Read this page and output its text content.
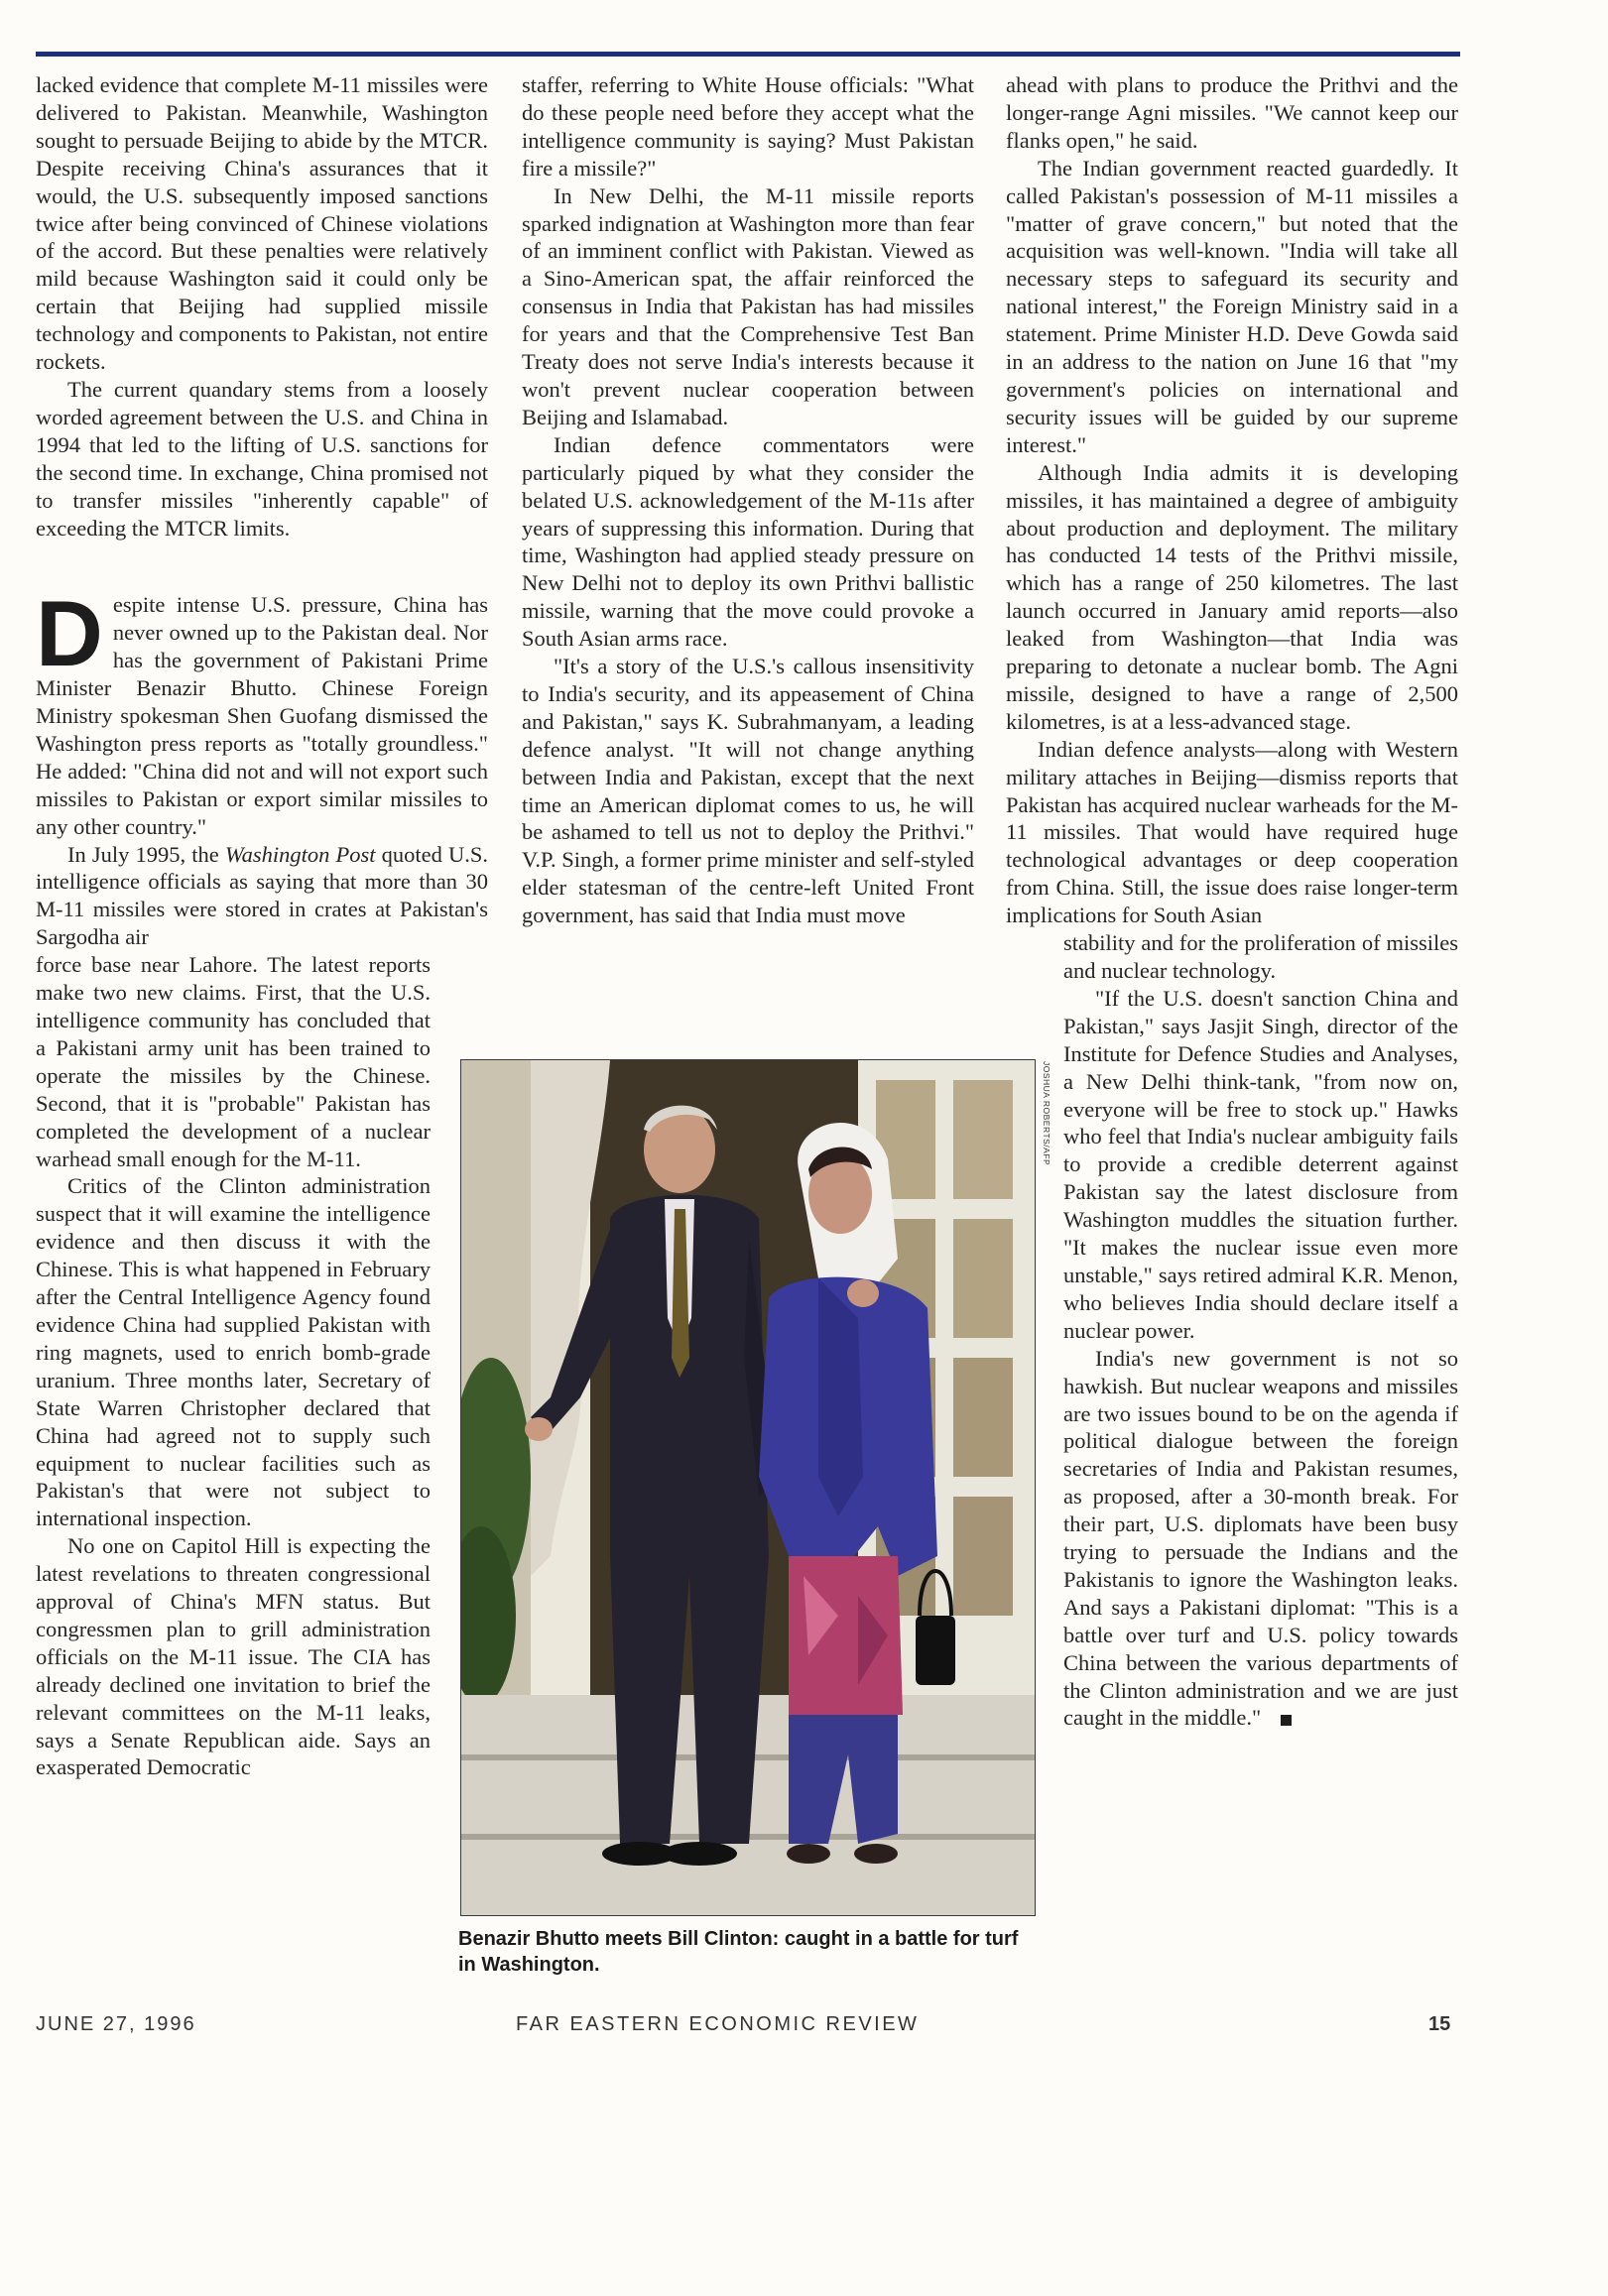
lacked evidence that complete M-11 missiles were delivered to Pakistan. Meanwhile, Washington sought to persuade Beijing to abide by the MTCR. Despite receiving China's assurances that it would, the U.S. subsequently imposed sanctions twice after being convinced of Chinese violations of the accord. But these penalties were relatively mild because Washington said it could only be certain that Beijing had supplied missile technology and components to Pakistan, not entire rockets.

The current quandary stems from a loosely worded agreement between the U.S. and China in 1994 that led to the lifting of U.S. sanctions for the second time. In exchange, China promised not to transfer missiles "inherently capable" of exceeding the MTCR limits.

Despite intense U.S. pressure, China has never owned up to the Pakistan deal. Nor has the government of Pakistani Prime Minister Benazir Bhutto. Chinese Foreign Ministry spokesman Shen Guofang dismissed the Washington press reports as "totally groundless." He added: "China did not and will not export such missiles to Pakistan or export similar missiles to any other country."

In July 1995, the Washington Post quoted U.S. intelligence officials as saying that more than 30 M-11 missiles were stored in crates at Pakistan's Sargodha air

force base near Lahore. The latest reports make two new claims. First, that the U.S. intelligence community has concluded that a Pakistani army unit has been trained to operate the missiles by the Chinese. Second, that it is "probable" Pakistan has completed the development of a nuclear warhead small enough for the M-11.

Critics of the Clinton administration suspect that it will examine the intelligence evidence and then discuss it with the Chinese. This is what happened in February after the Central Intelligence Agency found evidence China had supplied Pakistan with ring magnets, used to enrich bomb-grade uranium. Three months later, Secretary of State Warren Christopher declared that China had agreed not to supply such equipment to nuclear facilities such as Pakistan's that were not subject to international inspection.

No one on Capitol Hill is expecting the latest revelations to threaten congressional approval of China's MFN status. But congressmen plan to grill administration officials on the M-11 issue. The CIA has already declined one invitation to brief the relevant committees on the M-11 leaks, says a Senate Republican aide. Says an exasperated Democratic

staffer, referring to White House officials: "What do these people need before they accept what the intelligence community is saying? Must Pakistan fire a missile?"

In New Delhi, the M-11 missile reports sparked indignation at Washington more than fear of an imminent conflict with Pakistan. Viewed as a Sino-American spat, the affair reinforced the consensus in India that Pakistan has had missiles for years and that the Comprehensive Test Ban Treaty does not serve India's interests because it won't prevent nuclear cooperation between Beijing and Islamabad.

Indian defence commentators were particularly piqued by what they consider the belated U.S. acknowledgement of the M-11s after years of suppressing this information. During that time, Washington had applied steady pressure on New Delhi not to deploy its own Prithvi ballistic missile, warning that the move could provoke a South Asian arms race.

"It's a story of the U.S.'s callous insensitivity to India's security, and its appeasement of China and Pakistan," says K. Subrahmanyam, a leading defence analyst. "It will not change anything between India and Pakistan, except that the next time an American diplomat comes to us, he will be ashamed to tell us not to deploy the Prithvi." V.P. Singh, a former prime minister and self-styled elder statesman of the centre-left United Front government, has said that India must move

ahead with plans to produce the Prithvi and the longer-range Agni missiles. "We cannot keep our flanks open," he said.

The Indian government reacted guardedly. It called Pakistan's possession of M-11 missiles a "matter of grave concern," but noted that the acquisition was well-known. "India will take all necessary steps to safeguard its security and national interest," the Foreign Ministry said in a statement. Prime Minister H.D. Deve Gowda said in an address to the nation on June 16 that "my government's policies on international and security issues will be guided by our supreme interest."

Although India admits it is developing missiles, it has maintained a degree of ambiguity about production and deployment. The military has conducted 14 tests of the Prithvi missile, which has a range of 250 kilometres. The last launch occurred in January amid reports—also leaked from Washington—that India was preparing to detonate a nuclear bomb. The Agni missile, designed to have a range of 2,500 kilometres, is at a less-advanced stage.

Indian defence analysts—along with Western military attaches in Beijing—dismiss reports that Pakistan has acquired nuclear warheads for the M-11 missiles. That would have required huge technological advantages or deep cooperation from China. Still, the issue does raise longer-term implications for South Asian

stability and for the proliferation of missiles and nuclear technology.

"If the U.S. doesn't sanction China and Pakistan," says Jasjit Singh, director of the Institute for Defence Studies and Analyses, a New Delhi think-tank, "from now on, everyone will be free to stock up." Hawks who feel that India's nuclear ambiguity fails to provide a credible deterrent against Pakistan say the latest disclosure from Washington muddles the situation further. "It makes the nuclear issue even more unstable," says retired admiral K.R. Menon, who believes India should declare itself a nuclear power.

India's new government is not so hawkish. But nuclear weapons and missiles are two issues bound to be on the agenda if political dialogue between the foreign secretaries of India and Pakistan resumes, as proposed, after a 30-month break. For their part, U.S. diplomats have been busy trying to persuade the Indians and the Pakistanis to ignore the Washington leaks. And says a Pakistani diplomat: "This is a battle over turf and U.S. policy towards China between the various departments of the Clinton administration and we are just caught in the middle."

JOSHUA ROBERTS/AFP
Benazir Bhutto meets Bill Clinton: caught in a battle for turf in Washington.
JUNE 27, 1996	FAR EASTERN ECONOMIC REVIEW	15
